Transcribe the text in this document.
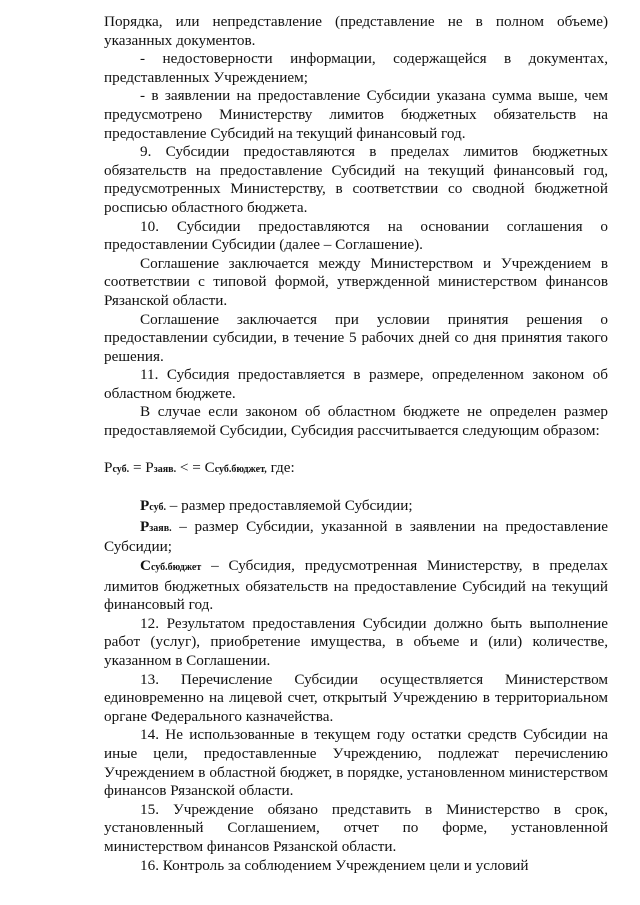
Порядка, или непредставление (представление не в полном объеме) указанных документов.

- недостоверности информации, содержащейся в документах, представленных Учреждением;

- в заявлении на предоставление Субсидии указана сумма выше, чем предусмотрено Министерству лимитов бюджетных обязательств на предоставление Субсидий на текущий финансовый год.

9. Субсидии предоставляются в пределах лимитов бюджетных обязательств на предоставление Субсидий на текущий финансовый год, предусмотренных Министерству, в соответствии со сводной бюджетной росписью областного бюджета.

10. Субсидии предоставляются на основании соглашения о предоставлении Субсидии (далее – Соглашение).

Соглашение заключается между Министерством и Учреждением в соответствии с типовой формой, утвержденной министерством финансов Рязанской области.

Соглашение заключается при условии принятия решения о предоставлении субсидии, в течение 5 рабочих дней со дня принятия такого решения.

11. Субсидия предоставляется в размере, определенном законом об областном бюджете.

В случае если законом об областном бюджете не определен размер предоставляемой Субсидии, Субсидия рассчитывается следующим образом:

Рсуб. = Рзаяв. < = Ссуб.бюджет, где:

Рсуб. – размер предоставляемой Субсидии;

Рзаяв. – размер Субсидии, указанной в заявлении на предоставление Субсидии;

Ссуб.бюджет – Субсидия, предусмотренная Министерству, в пределах лимитов бюджетных обязательств на предоставление Субсидий на текущий финансовый год.

12. Результатом предоставления Субсидии должно быть выполнение работ (услуг), приобретение имущества, в объеме и (или) количестве, указанном в Соглашении.

13. Перечисление Субсидии осуществляется Министерством единовременно на лицевой счет, открытый Учреждению в территориальном органе Федерального казначейства.

14. Не использованные в текущем году остатки средств Субсидии на иные цели, предоставленные Учреждению, подлежат перечислению Учреждением в областной бюджет, в порядке, установленном министерством финансов Рязанской области.

15. Учреждение обязано представить в Министерство в срок, установленный Соглашением, отчет по форме, установленной министерством финансов Рязанской области.

16. Контроль за соблюдением Учреждением цели и условий
